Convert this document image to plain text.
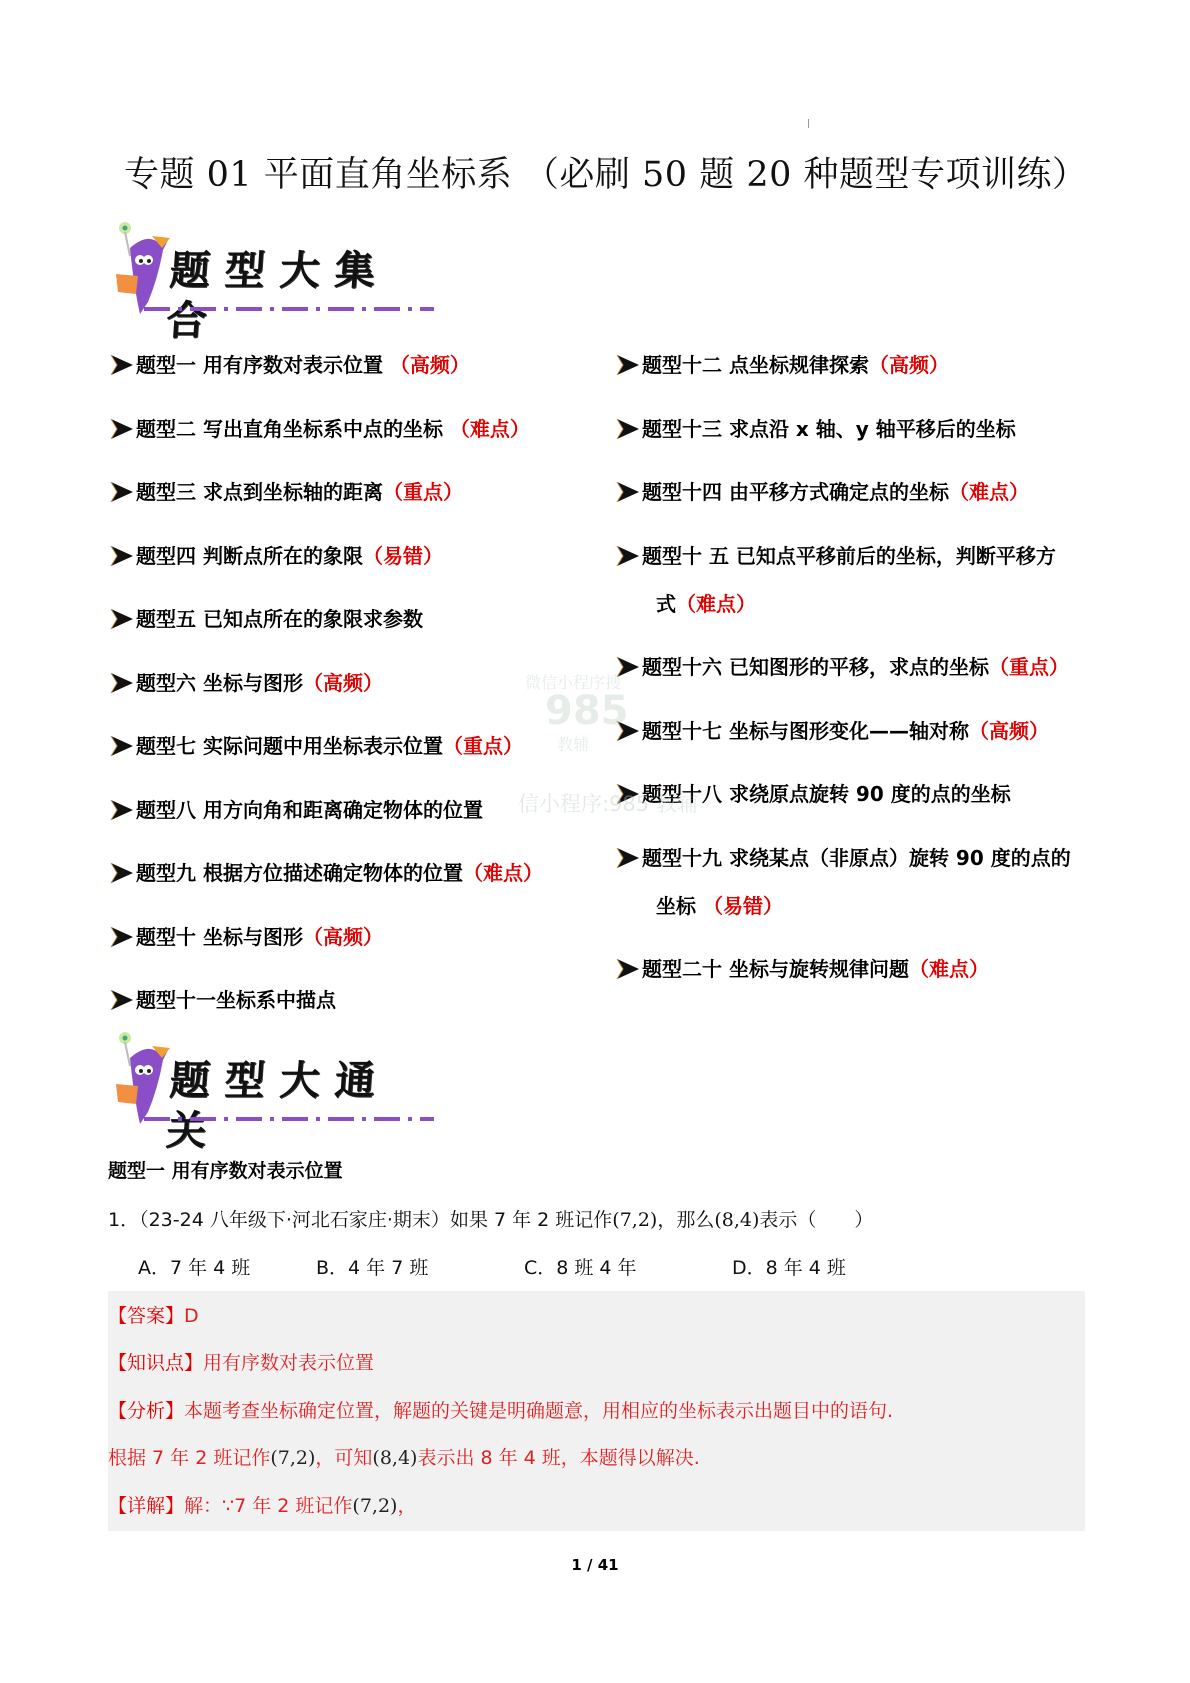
专题 01 平面直角坐标系 （必刷 50 题 20 种题型专项训练）
题型大集合
题型一 用有序数对表示位置 （高频）
题型二 写出直角坐标系中点的坐标 （难点）
题型三 求点到坐标轴的距离（重点）
题型四 判断点所在的象限（易错）
题型五 已知点所在的象限求参数
题型六 坐标与图形（高频）
题型七 实际问题中用坐标表示位置（重点）
题型八 用方向角和距离确定物体的位置
题型九 根据方位描述确定物体的位置（难点）
题型十 坐标与图形（高频）
题型十一坐标系中描点
题型十二 点坐标规律探索（高频）
题型十三 求点沿 x 轴、y 轴平移后的坐标
题型十四 由平移方式确定点的坐标（难点）
题型十 五 已知点平移前后的坐标，判断平移方
式（难点）
题型十六 已知图形的平移，求点的坐标（重点）
题型十七 坐标与图形变化——轴对称（高频）
题型十八 求绕原点旋转 90 度的点的坐标
题型十九 求绕某点（非原点）旋转 90 度的点的
坐标 （易错）
题型二十 坐标与旋转规律问题（难点）
微信小程序搜
985
教辅
信小程序:985 教辅
题型大通关
题型一 用有序数对表示位置
1．（23-24 八年级下·河北石家庄·期末）如果 7 年 2 班记作(7,2)，那么(8,4)表示（　　）
A．7 年 4 班	B．4 年 7 班	C．8 班 4 年	D．8 年 4 班
【答案】D
【知识点】用有序数对表示位置
【分析】本题考查坐标确定位置，解题的关键是明确题意，用相应的坐标表示出题目中的语句.
根据 7 年 2 班记作(7,2)，可知(8,4)表示出 8 年 4 班，本题得以解决.
【详解】解：∵7 年 2 班记作(7,2)，
1 / 41
